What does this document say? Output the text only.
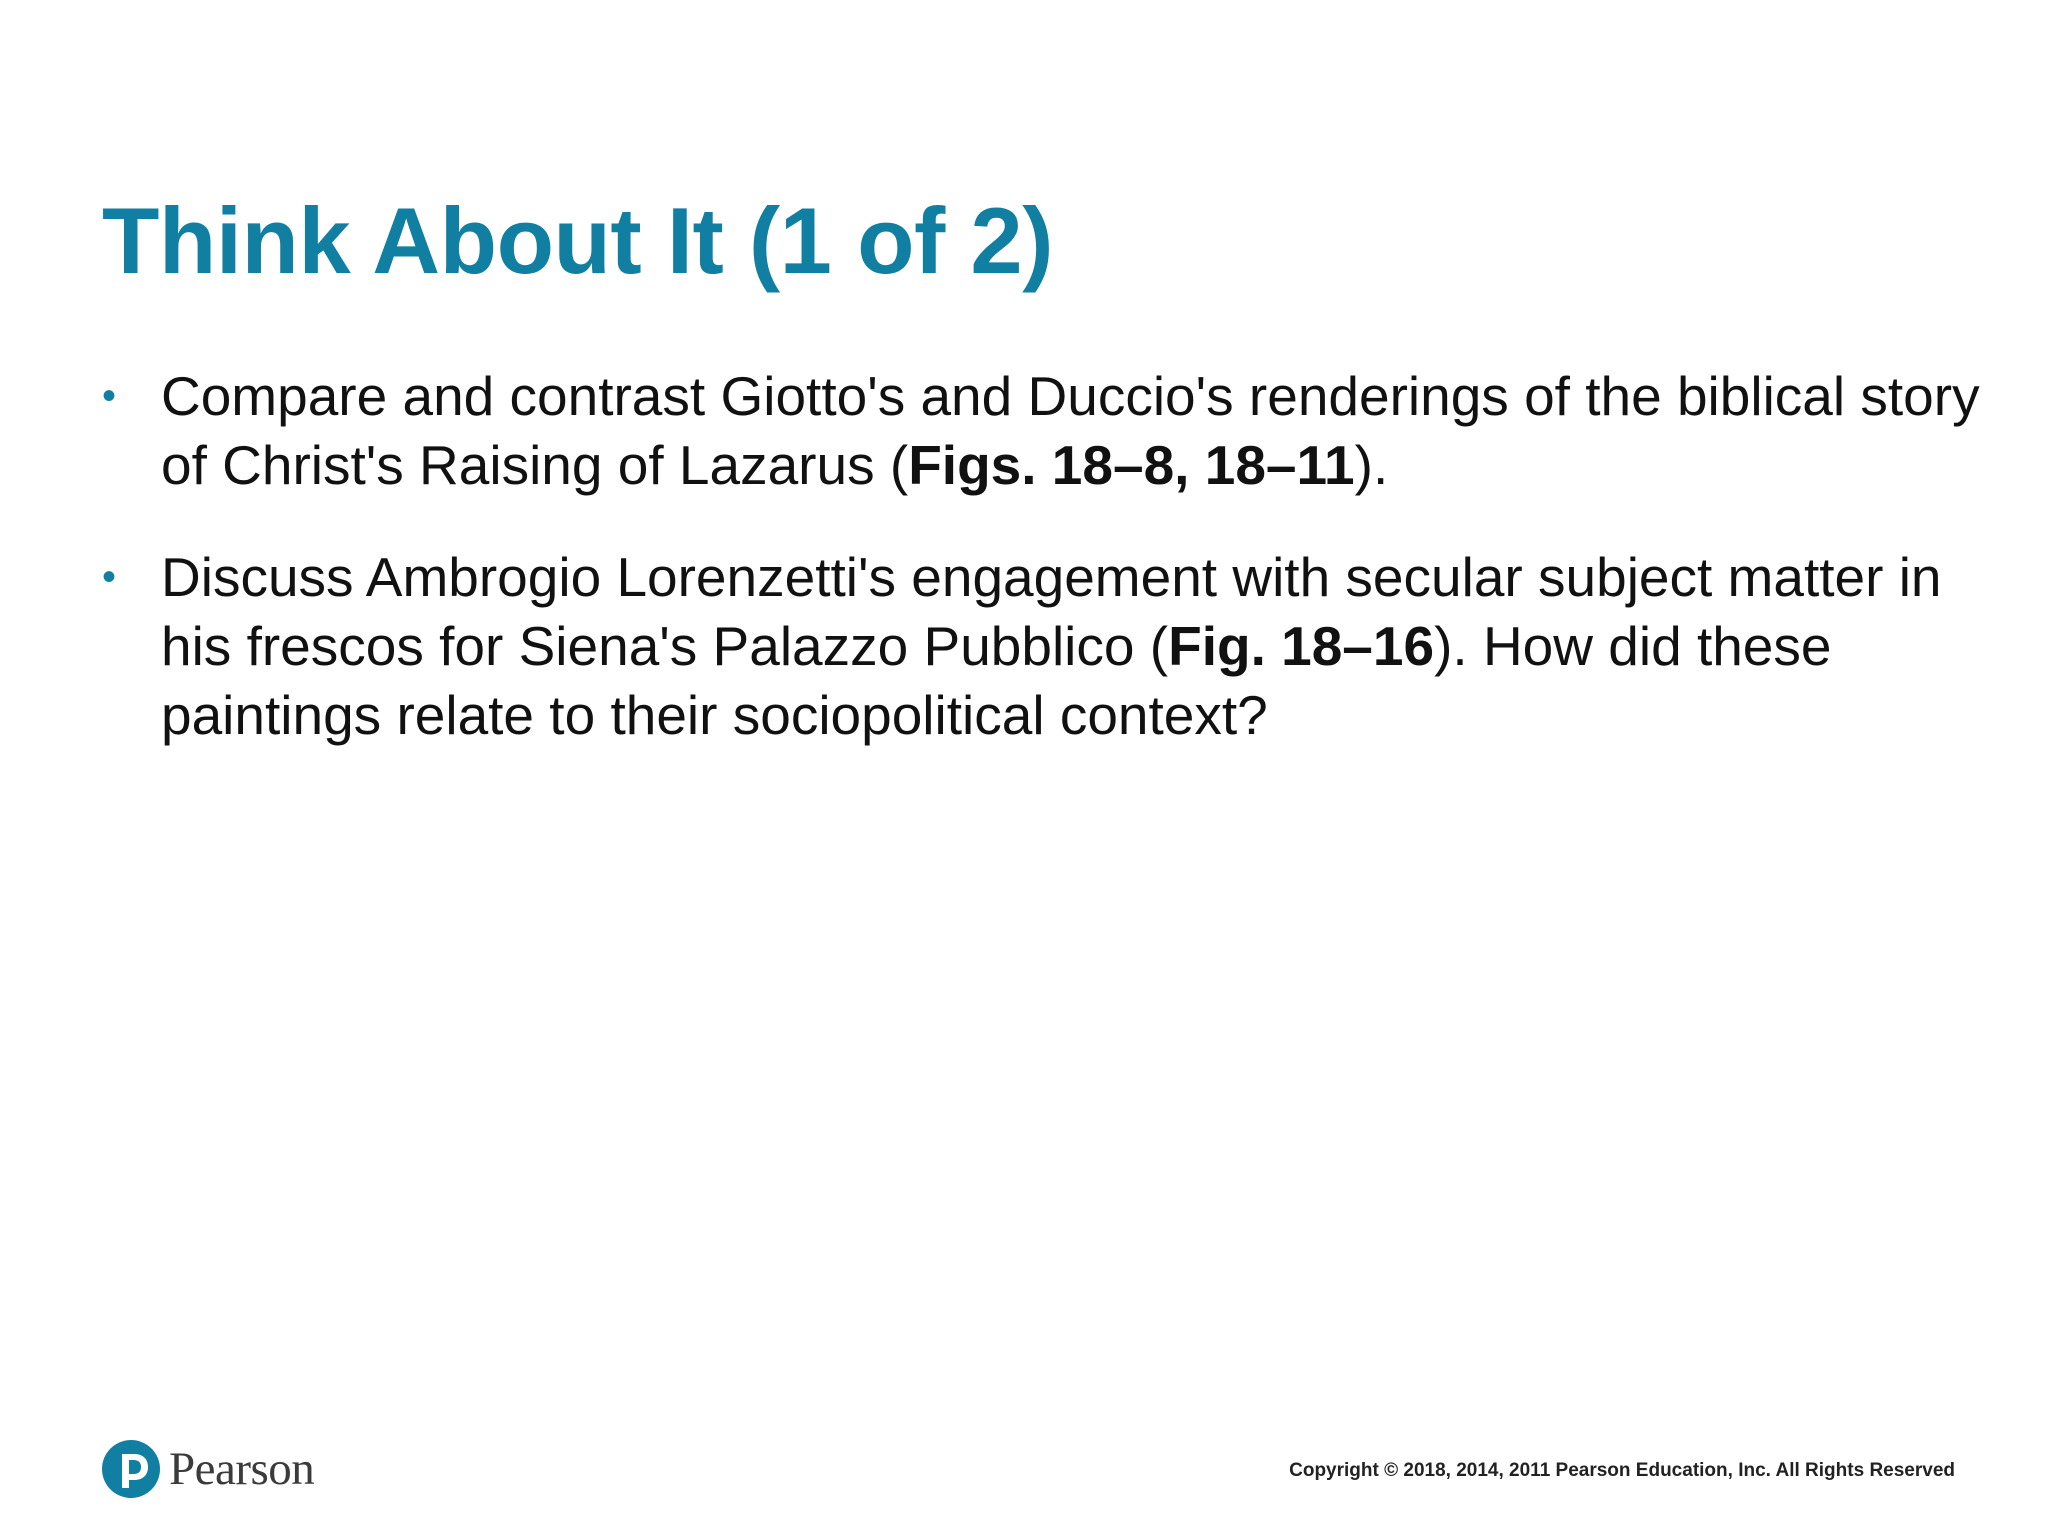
Think About It (1 of 2)
• Compare and contrast Giotto's and Duccio's renderings of the biblical story of Christ's Raising of Lazarus (Figs. 18–8, 18–11).
• Discuss Ambrogio Lorenzetti's engagement with secular subject matter in his frescos for Siena's Palazzo Pubblico (Fig. 18–16). How did these paintings relate to their sociopolitical context?
Pearson	Copyright © 2018, 2014, 2011 Pearson Education, Inc. All Rights Reserved
